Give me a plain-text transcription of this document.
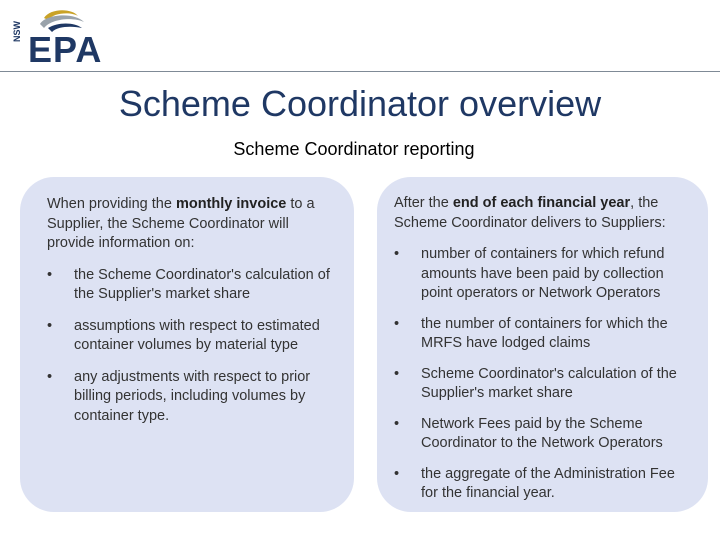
NSW EPA
Scheme Coordinator overview
Scheme Coordinator reporting

When providing the monthly invoice to a Supplier, the Scheme Coordinator will provide information on:

• the Scheme Coordinator's calculation of the Supplier's market share
• assumptions with respect to estimated container volumes by material type
• any adjustments with respect to prior billing periods, including volumes by container type.

After the end of each financial year, the Scheme Coordinator delivers to Suppliers:

• number of containers for which refund amounts have been paid by collection point operators or Network Operators
• the number of containers for which the MRFS have lodged claims
• Scheme Coordinator's calculation of the Supplier's market share
• Network Fees paid by the Scheme Coordinator to the Network Operators
• the aggregate of the Administration Fee for the financial year.
